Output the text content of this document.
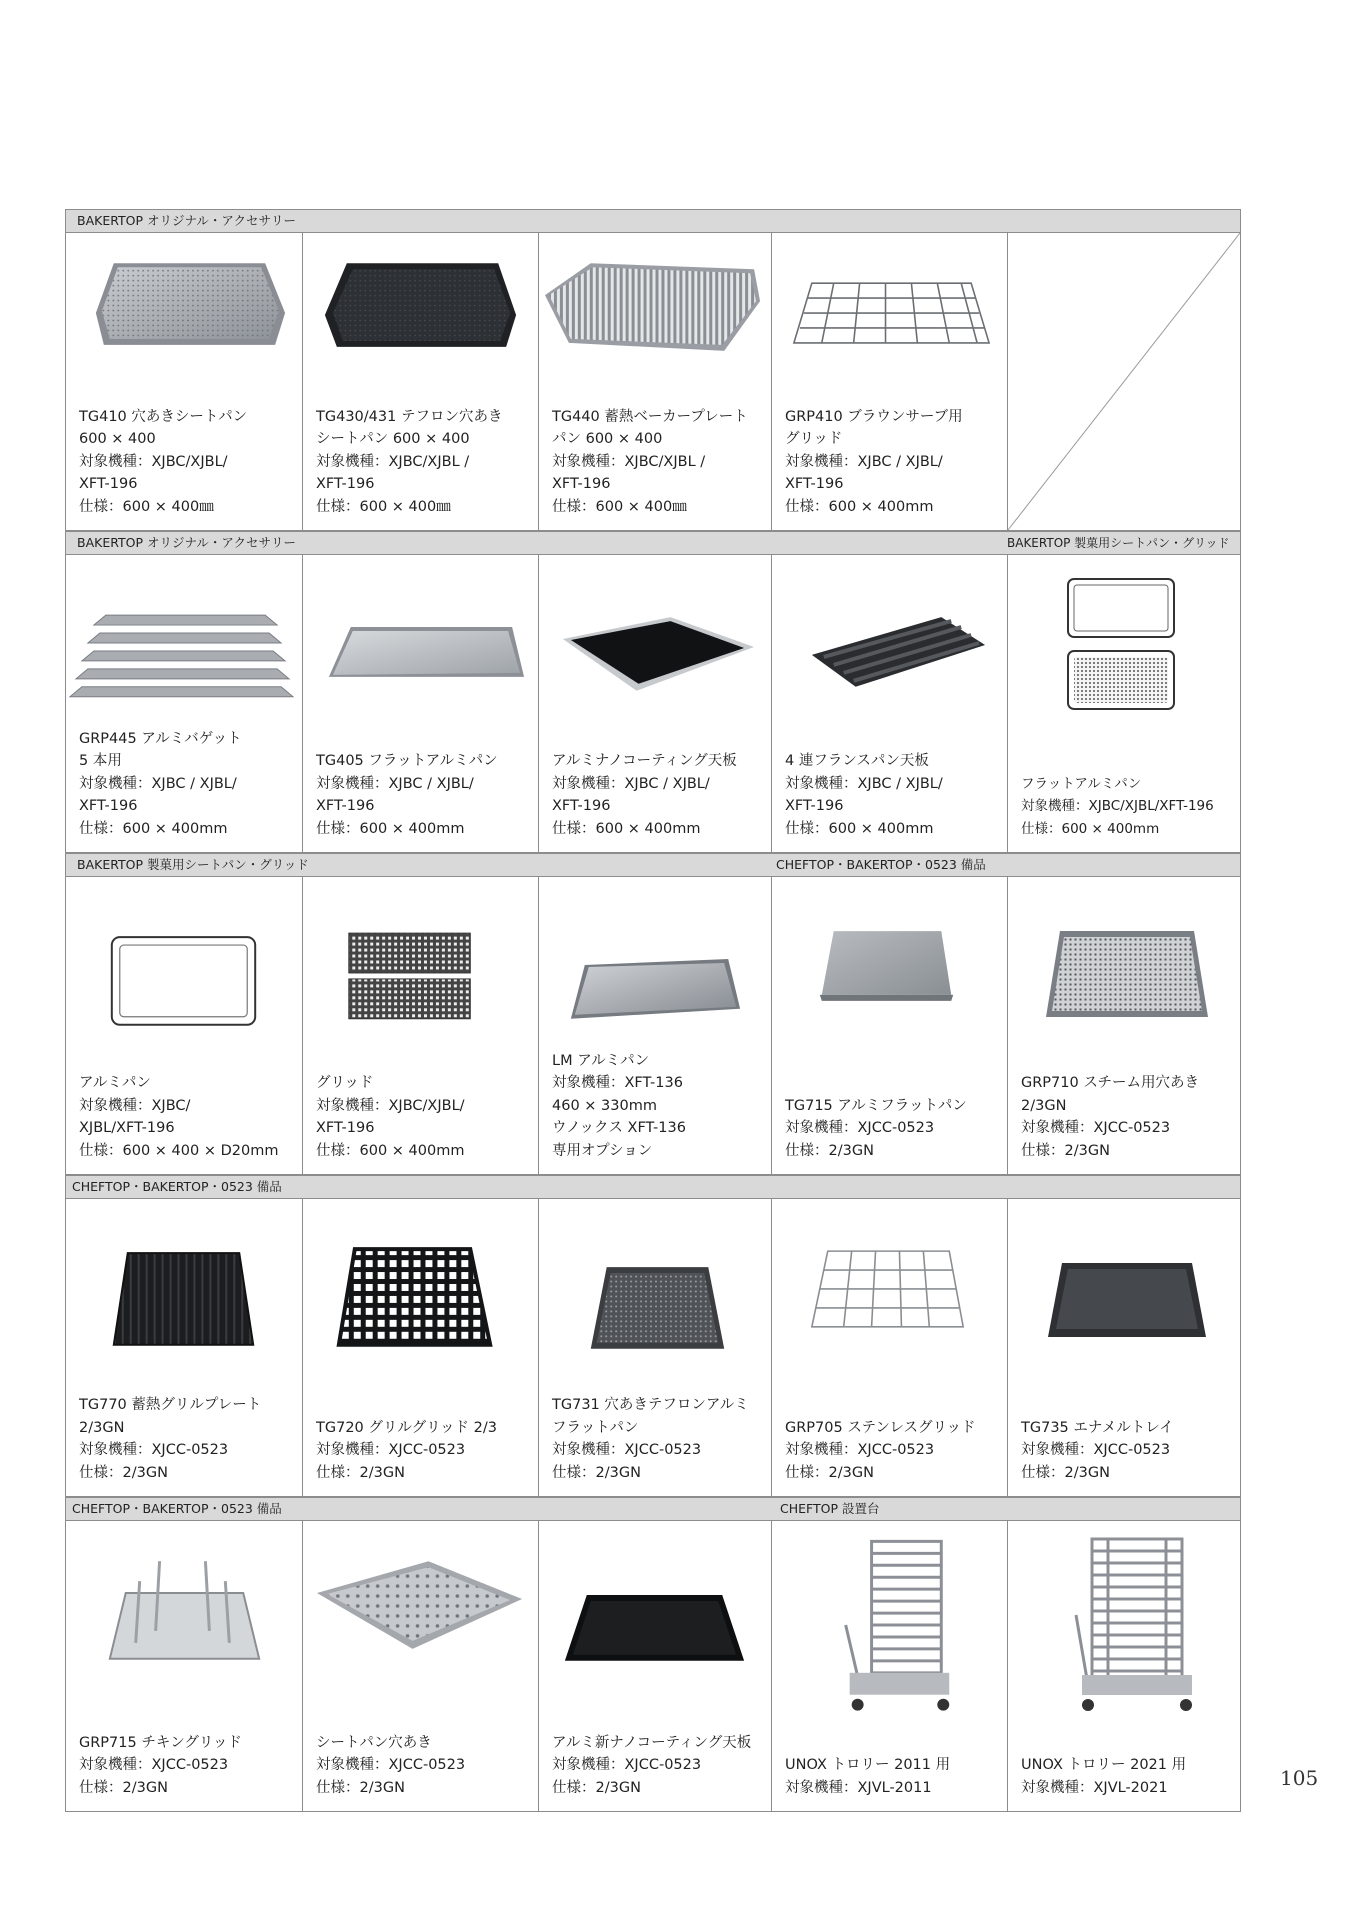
BAKERTOP オリジナル・アクセサリー
TG410 穴あきシートパン
600 × 400
対象機種：XJBC/XJBL/
XFT-196
仕様：600 × 400㎜
TG430/431 テフロン穴あき
シートパン 600 × 400
対象機種：XJBC/XJBL /
XFT-196
仕様：600 × 400㎜
TG440 蓄熱ベーカープレート
パン 600 × 400
対象機種：XJBC/XJBL /
XFT-196
仕様：600 × 400㎜
GRP410 ブラウンサーブ用
グリッド
対象機種：XJBC / XJBL/
XFT-196
仕様：600 × 400mm
BAKERTOP オリジナル・アクセサリー	BAKERTOP 製菓用シートパン・グリッド
GRP445 アルミバゲット
5 本用
対象機種：XJBC / XJBL/
XFT-196
仕様：600 × 400mm
TG405 フラットアルミパン
対象機種：XJBC / XJBL/
XFT-196
仕様：600 × 400mm
アルミナノコーティング天板
対象機種：XJBC / XJBL/
XFT-196
仕様：600 × 400mm
4 連フランスパン天板
対象機種：XJBC / XJBL/
XFT-196
仕様：600 × 400mm
フラットアルミパン
対象機種：XJBC/XJBL/XFT-196
仕様：600 × 400mm
BAKERTOP 製菓用シートパン・グリッド	CHEFTOP・BAKERTOP・0523 備品
アルミパン
対象機種：XJBC/
XJBL/XFT-196
仕様：600 × 400 × D20mm
グリッド
対象機種：XJBC/XJBL/
XFT-196
仕様：600 × 400mm
LM アルミパン
対象機種：XFT-136
460 × 330mm
ウノックス XFT-136
専用オプション
TG715 アルミフラットパン
対象機種：XJCC-0523
仕様：2/3GN
GRP710 スチーム用穴あき
2/3GN
対象機種：XJCC-0523
仕様：2/3GN
CHEFTOP・BAKERTOP・0523 備品
TG770 蓄熱グリルプレート
2/3GN
対象機種：XJCC-0523
仕様：2/3GN
TG720 グリルグリッド 2/3
対象機種：XJCC-0523
仕様：2/3GN
TG731 穴あきテフロンアルミ
フラットパン
対象機種：XJCC-0523
仕様：2/3GN
GRP705 ステンレスグリッド
対象機種：XJCC-0523
仕様：2/3GN
TG735 エナメルトレイ
対象機種：XJCC-0523
仕様：2/3GN
CHEFTOP・BAKERTOP・0523 備品	CHEFTOP 設置台
GRP715 チキングリッド
対象機種：XJCC-0523
仕様：2/3GN
シートパン穴あき
対象機種：XJCC-0523
仕様：2/3GN
アルミ新ナノコーティング天板
対象機種：XJCC-0523
仕様：2/3GN
UNOX トロリー 2011 用
対象機種：XJVL-2011
UNOX トロリー 2021 用
対象機種：XJVL-2021	105
